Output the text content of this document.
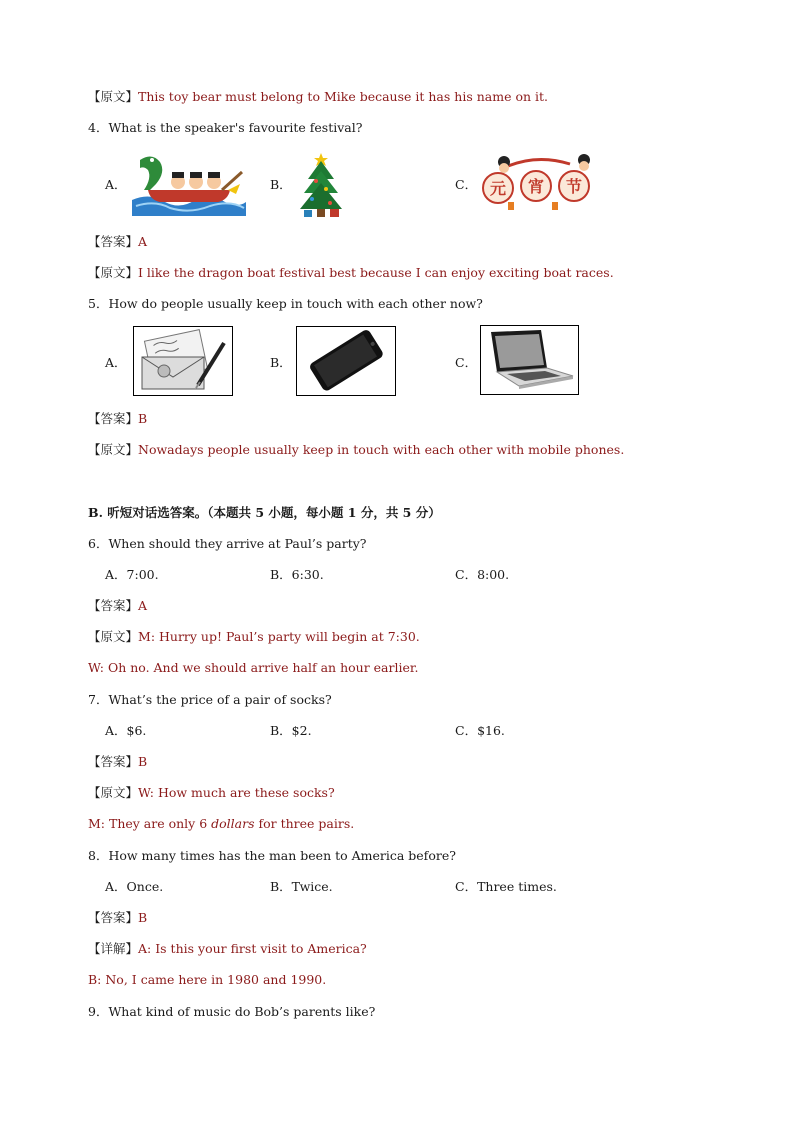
【原文】This toy bear must belong to Mike because it has his name on it.
4．What is the speaker's favourite festival?
A．	B．	C． 元 宵 节
【答案】A
【原文】I like the dragon boat festival best because I can enjoy exciting boat races.
5．How do people usually keep in touch with each other now?
A．	B．	C．
【答案】B
【原文】Nowadays people usually keep in touch with each other with mobile phones.
B. 听短对话选答案。（本题共 5 小题，每小题 1 分，共 5 分）
6．When should they arrive at Paul’s party?
A．7:00.	B．6:30.	C．8:00.
【答案】A
【原文】M: Hurry up! Paul’s party will begin at 7:30.
W: Oh no. And we should arrive half an hour earlier.
7．What’s the price of a pair of socks?
A．$6.	B．$2.	C．$16.
【答案】B
【原文】W: How much are these socks?
M: They are only 6 dollars for three pairs.
8．How many times has the man been to America before?
A．Once.	B．Twice.	C．Three times.
【答案】B
【详解】A: Is this your first visit to America?
B: No, I came here in 1980 and 1990.
9．What kind of music do Bob’s parents like?
